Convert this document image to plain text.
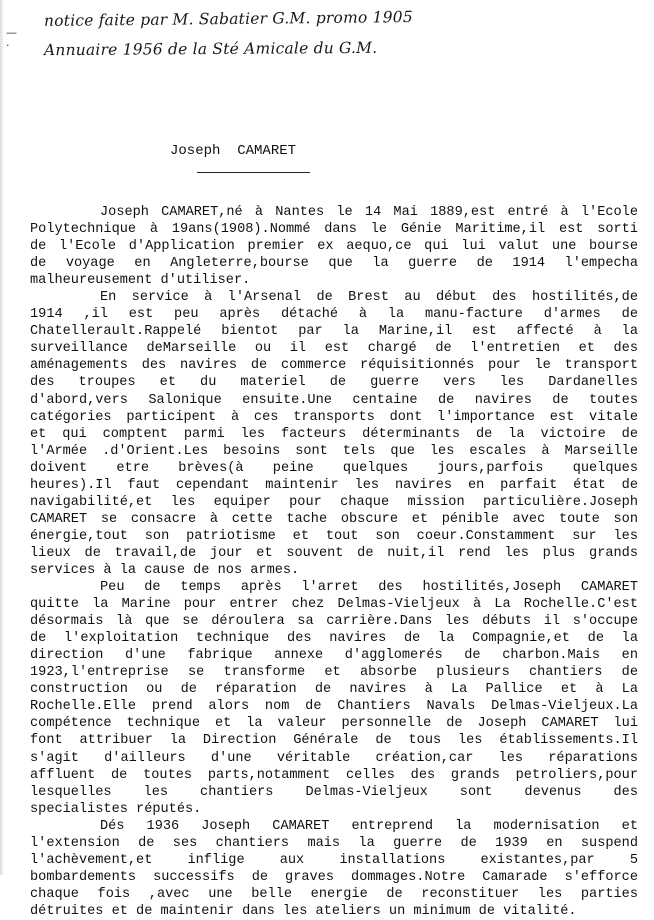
—·
notice faite par M. Sabatier G.M. promo 1905
Annuaire 1956 de la Sté Amicale du G.M.
Joseph  CAMARET
Joseph CAMARET,né à Nantes le 14 Mai 1889,est entré à l'Ecole
Polytechnique à 19ans(1908).Nommé dans le Génie Maritime,il est sorti
de l'Ecole d'Application premier ex aequo,ce qui lui valut une bourse
de voyage en Angleterre,bourse que la guerre de 1914 l'empecha
malheureusement d'utiliser.
En service à l'Arsenal de Brest au début des hostilités,de
1914 ,il est peu après détaché à la manu-facture d'armes de
Chatellerault.Rappelé bientot par la Marine,il est affecté à la
surveillance deMarseille ou il est chargé de l'entretien et des
aménagements des navires de commerce réquisitionnés pour le transport
des troupes et du materiel de guerre vers les Dardanelles
d'abord,vers Salonique ensuite.Une centaine de navires de toutes
catégories participent à ces transports dont l'importance est vitale
et qui comptent parmi les facteurs déterminants de la victoire de
l'Armée .d'Orient.Les besoins sont tels que les escales à Marseille
doivent etre brèves(à peine quelques jours,parfois quelques
heures).Il faut cependant maintenir les navires en parfait état de
navigabilité,et les equiper pour chaque mission particulière.Joseph
CAMARET se consacre à cette tache obscure et pénible avec toute son
énergie,tout son patriotisme et tout son coeur.Constamment sur les
lieux de travail,de jour et souvent de nuit,il rend les plus grands
services à la cause de nos armes.
Peu de temps après l'arret des hostilités,Joseph CAMARET
quitte la Marine pour entrer chez Delmas-Vieljeux à La Rochelle.C'est
désormais là que se déroulera sa carrière.Dans les débuts il s'occupe
de l'exploitation technique des navires de la Compagnie,et de la
direction d'une fabrique annexe d'agglomerés de charbon.Mais en
1923,l'entreprise se transforme et absorbe plusieurs chantiers de
construction ou de réparation de navires à La Pallice et à La
Rochelle.Elle prend alors nom de Chantiers Navals Delmas-Vieljeux.La
compétence technique et la valeur personnelle de Joseph CAMARET lui
font attribuer la Direction Générale de tous les établissements.Il
s'agit d'ailleurs d'une véritable création,car les réparations
affluent de toutes parts,notamment celles des grands petroliers,pour
lesquelles les chantiers Delmas-Vieljeux sont devenus des
specialistes réputés.
Dés 1936 Joseph CAMARET entreprend la modernisation et
l'extension de ses chantiers mais la guerre de 1939 en suspend
l'achèvement,et inflige aux installations existantes,par 5
bombardements successifs de graves dommages.Notre Camarade s'efforce
chaque fois ,avec une belle energie de reconstituer les parties
détruites et de maintenir dans les ateliers un minimum de vitalité.
